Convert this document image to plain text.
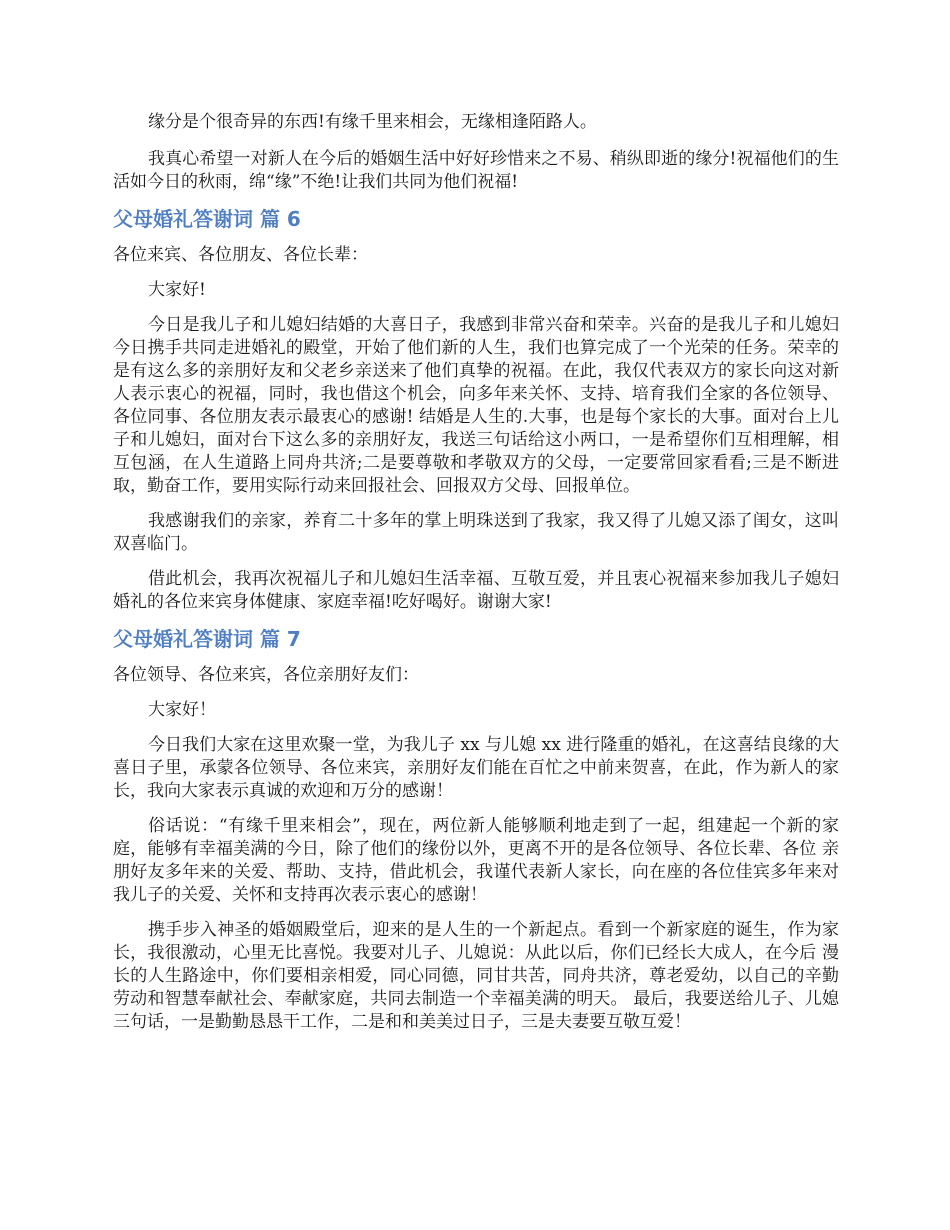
缘分是个很奇异的东西!有缘千里来相会，无缘相逢陌路人。

我真心希望一对新人在今后的婚姻生活中好好珍惜来之不易、稍纵即逝的缘分!祝福他们的生活如今日的秋雨，绵“缘”不绝!让我们共同为他们祝福!

父母婚礼答谢词 篇 6

各位来宾、各位朋友、各位长辈：

大家好!

今日是我儿子和儿媳妇结婚的大喜日子，我感到非常兴奋和荣幸。兴奋的是我儿子和儿媳妇今日携手共同走进婚礼的殿堂，开始了他们新的人生，我们也算完成了一个光荣的任务。荣幸的是有这么多的亲朋好友和父老乡亲送来了他们真挚的祝福。在此，我仅代表双方的家长向这对新人表示衷心的祝福，同时，我也借这个机会，向多年来关怀、支持、培育我们全家的各位领导、各位同事、各位朋友表示最衷心的感谢! 结婚是人生的.大事，也是每个家长的大事。面对台上儿子和儿媳妇，面对台下这么多的亲朋好友，我送三句话给这小两口，一是希望你们互相理解，相互包涵，在人生道路上同舟共济;二是要尊敬和孝敬双方的父母，一定要常回家看看;三是不断进取，勤奋工作，要用实际行动来回报社会、回报双方父母、回报单位。

我感谢我们的亲家，养育二十多年的掌上明珠送到了我家，我又得了儿媳又添了闺女，这叫双喜临门。

借此机会，我再次祝福儿子和儿媳妇生活幸福、互敬互爱，并且衷心祝福来参加我儿子媳妇婚礼的各位来宾身体健康、家庭幸福!吃好喝好。谢谢大家!

父母婚礼答谢词 篇 7

各位领导、各位来宾，各位亲朋好友们：

大家好！

今日我们大家在这里欢聚一堂，为我儿子 xx 与儿媳 xx 进行隆重的婚礼，在这喜结良缘的大喜日子里，承蒙各位领导、各位来宾，亲朋好友们能在百忙之中前来贺喜，在此，作为新人的家 长，我向大家表示真诚的欢迎和万分的感谢！

俗话说：“有缘千里来相会”，现在，两位新人能够顺利地走到了一起，组建起一个新的家庭，能够有幸福美满的今日，除了他们的缘份以外，更离不开的是各位领导、各位长辈、各位 亲朋好友多年来的关爱、帮助、支持，借此机会，我谨代表新人家长，向在座的各位佳宾多年来对我儿子的关爱、关怀和支持再次表示衷心的感谢！

携手步入神圣的婚姻殿堂后，迎来的是人生的一个新起点。看到一个新家庭的诞生，作为家长，我很激动，心里无比喜悦。我要对儿子、儿媳说：从此以后，你们已经长大成人，在今后 漫长的人生路途中，你们要相亲相爱，同心同德，同甘共苦，同舟共济，尊老爱幼，以自己的辛勤劳动和智慧奉献社会、奉献家庭，共同去制造一个幸福美满的明天。 最后，我要送给儿子、儿媳三句话，一是勤勤恳恳干工作，二是和和美美过日子，三是夫妻要互敬互爱！
